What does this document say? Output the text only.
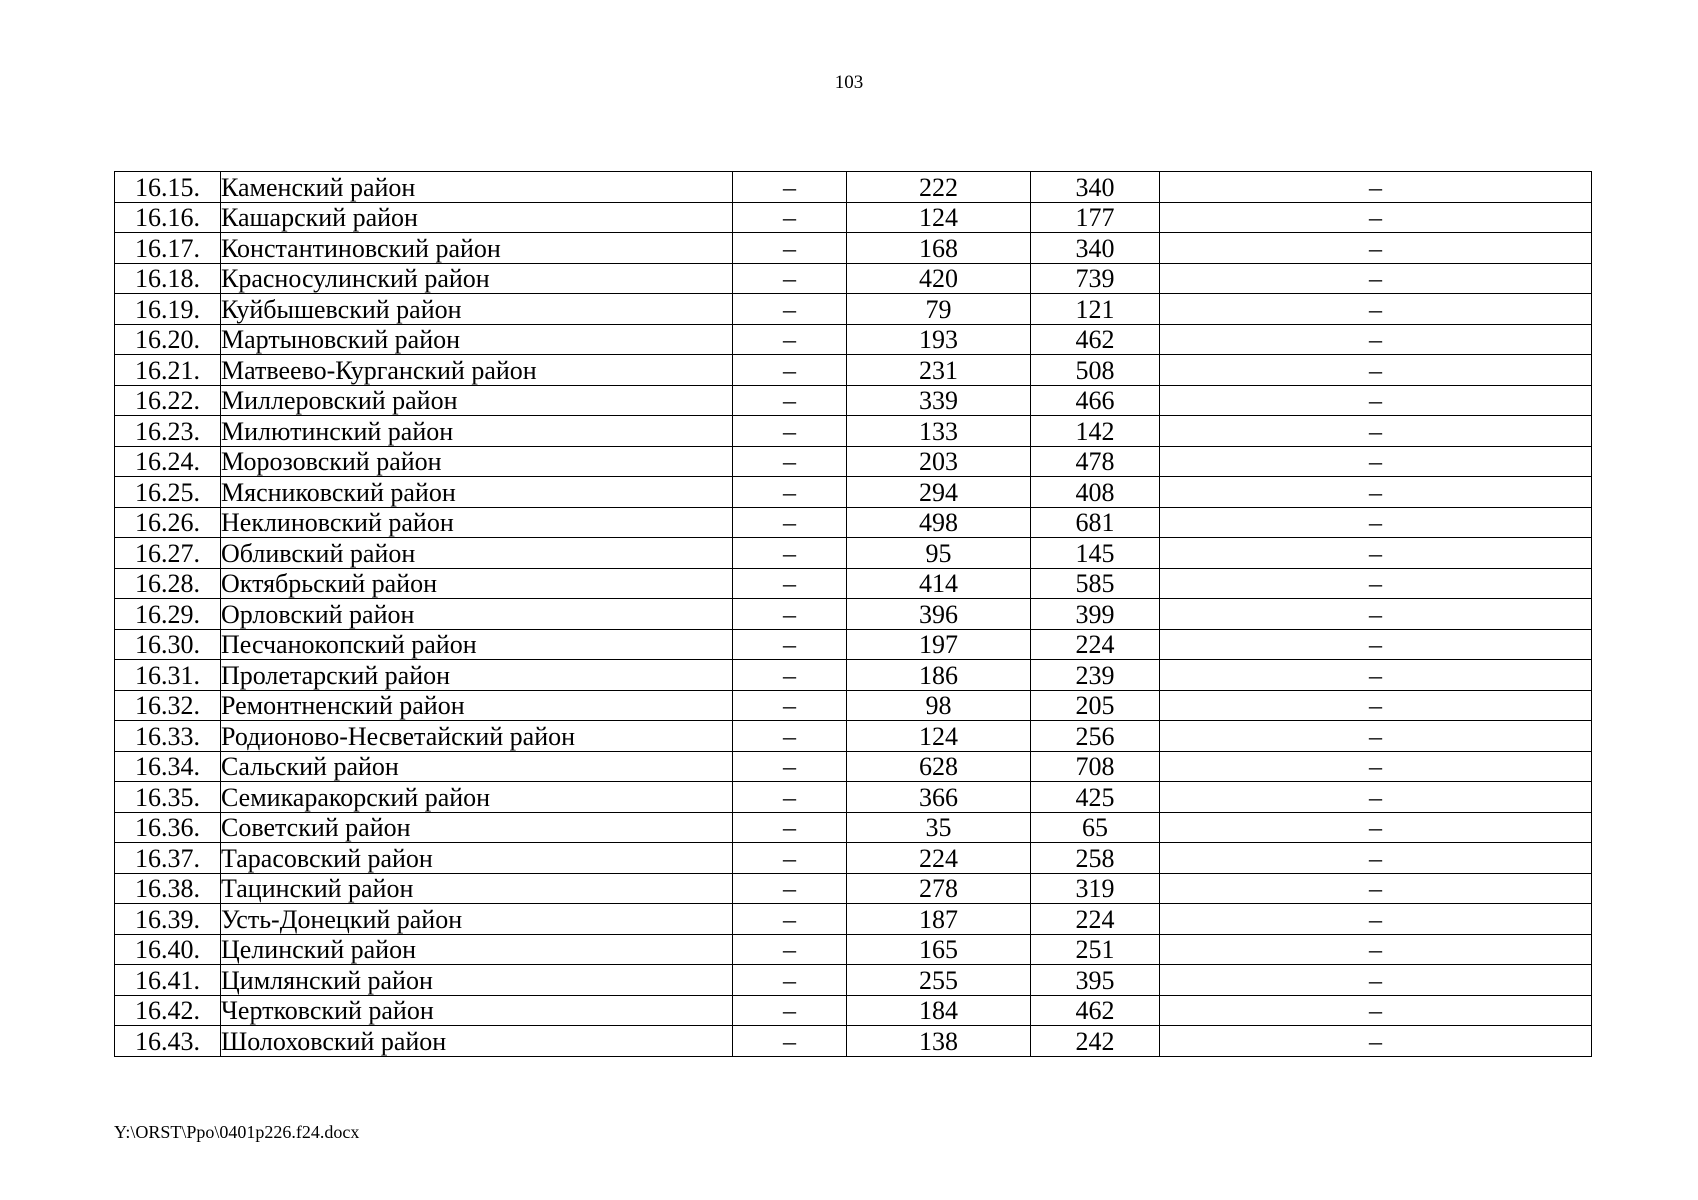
103
16.15.	Каменский район	–	222	340	–
16.16.	Кашарский район	–	124	177	–
16.17.	Константиновский район	–	168	340	–
16.18.	Красносулинский район	–	420	739	–
16.19.	Куйбышевский район	–	79	121	–
16.20.	Мартыновский район	–	193	462	–
16.21.	Матвеево-Курганский район	–	231	508	–
16.22.	Миллеровский район	–	339	466	–
16.23.	Милютинский район	–	133	142	–
16.24.	Морозовский район	–	203	478	–
16.25.	Мясниковский район	–	294	408	–
16.26.	Неклиновский район	–	498	681	–
16.27.	Обливский район	–	95	145	–
16.28.	Октябрьский район	–	414	585	–
16.29.	Орловский район	–	396	399	–
16.30.	Песчанокопский район	–	197	224	–
16.31.	Пролетарский район	–	186	239	–
16.32.	Ремонтненский район	–	98	205	–
16.33.	Родионово-Несветайский район	–	124	256	–
16.34.	Сальский район	–	628	708	–
16.35.	Семикаракорский район	–	366	425	–
16.36.	Советский район	–	35	65	–
16.37.	Тарасовский район	–	224	258	–
16.38.	Тацинский район	–	278	319	–
16.39.	Усть-Донецкий район	–	187	224	–
16.40.	Целинский район	–	165	251	–
16.41.	Цимлянский район	–	255	395	–
16.42.	Чертковский район	–	184	462	–
16.43.	Шолоховский район	–	138	242	–
Y:\ORST\Ppo\0401p226.f24.docx
